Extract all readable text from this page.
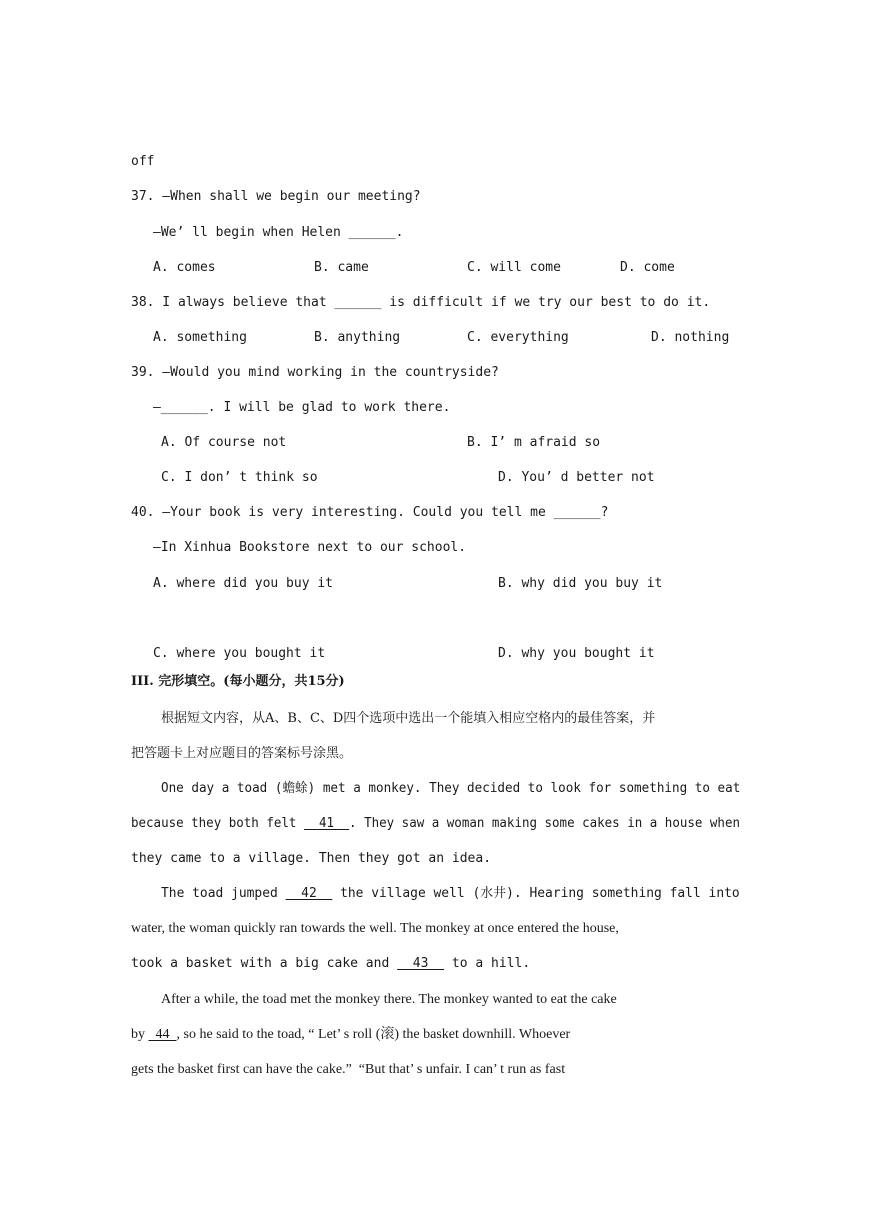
off
37. —When shall we begin our meeting?
—We’ ll begin when Helen ______.
A. comes	B. came	C. will come	D. come
38. I always believe that ______ is difficult if we try our best to do it.
A. something	B. anything	C. everything	D. nothing
39. —Would you mind working in the countryside?
—______. I will be glad to work there.
A. Of course not	B. I’ m afraid so
C. I don’ t think so	D. You’ d better not
40. —Your book is very interesting. Could you tell me ______?
—In Xinhua Bookstore next to our school.
A. where did you buy it	B. why did you buy it
C. where you bought it	D. why you bought it
III. 完形填空。(每小题分，共15分)
根据短文内容，从A、B、C、D四个选项中选出一个能填入相应空格内的最佳答案，并
把答题卡上对应题目的答案标号涂黑。
One day a toad (蟾蜍) met a monkey. They decided to look for something to eat
because they both felt   41  . They saw a woman making some cakes in a house when
they came to a village. Then they got an idea.
The toad jumped   42   the village well (水井). Hearing something fall into
water, the woman quickly ran towards the well. The monkey at once entered the house,
took a basket with a big cake and   43   to a hill.
After a while, the toad met the monkey there. The monkey wanted to eat the cake
by   44  , so he said to the toad, “ Let’ s roll (滚) the basket downhill. Whoever
gets the basket first can have the cake.”  “But that’ s unfair. I can’ t run as fast
